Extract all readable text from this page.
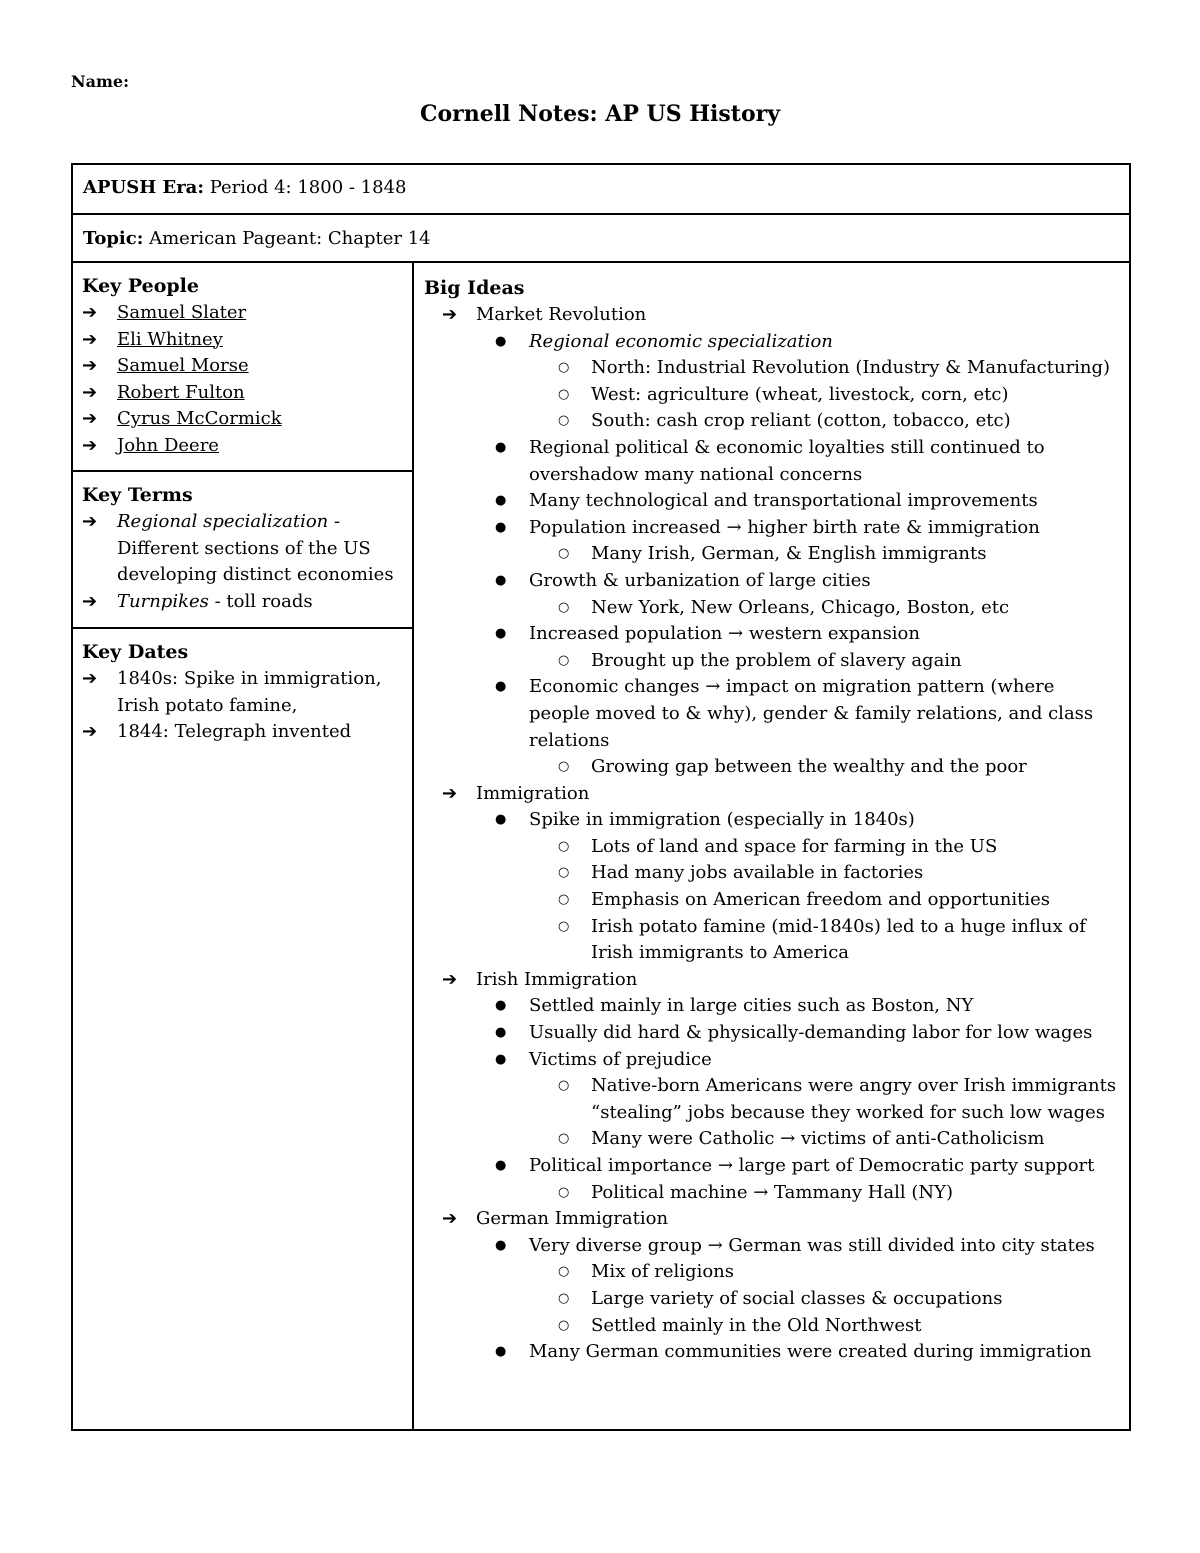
Name:
Cornell Notes: AP US History
APUSH Era: Period 4: 1800 - 1848
Topic: American Pageant: Chapter 14
Key People
➔ Samuel Slater
➔ Eli Whitney
➔ Samuel Morse
➔ Robert Fulton
➔ Cyrus McCormick
➔ John Deere
Key Terms
➔ Regional specialization - Different sections of the US developing distinct economies
➔ Turnpikes - toll roads
Key Dates
➔ 1840s: Spike in immigration, Irish potato famine,
➔ 1844: Telegraph invented
Big Ideas
➔ Market Revolution
● Regional economic specialization
○ North: Industrial Revolution (Industry & Manufacturing)
○ West: agriculture (wheat, livestock, corn, etc)
○ South: cash crop reliant (cotton, tobacco, etc)
● Regional political & economic loyalties still continued to overshadow many national concerns
● Many technological and transportational improvements
● Population increased → higher birth rate & immigration
○ Many Irish, German, & English immigrants
● Growth & urbanization of large cities
○ New York, New Orleans, Chicago, Boston, etc
● Increased population → western expansion
○ Brought up the problem of slavery again
● Economic changes → impact on migration pattern (where people moved to & why), gender & family relations, and class relations
○ Growing gap between the wealthy and the poor
➔ Immigration
● Spike in immigration (especially in 1840s)
○ Lots of land and space for farming in the US
○ Had many jobs available in factories
○ Emphasis on American freedom and opportunities
○ Irish potato famine (mid-1840s) led to a huge influx of Irish immigrants to America
➔ Irish Immigration
● Settled mainly in large cities such as Boston, NY
● Usually did hard & physically-demanding labor for low wages
● Victims of prejudice
○ Native-born Americans were angry over Irish immigrants “stealing” jobs because they worked for such low wages
○ Many were Catholic → victims of anti-Catholicism
● Political importance → large part of Democratic party support
○ Political machine → Tammany Hall (NY)
➔ German Immigration
● Very diverse group → German was still divided into city states
○ Mix of religions
○ Large variety of social classes & occupations
○ Settled mainly in the Old Northwest
● Many German communities were created during immigration
